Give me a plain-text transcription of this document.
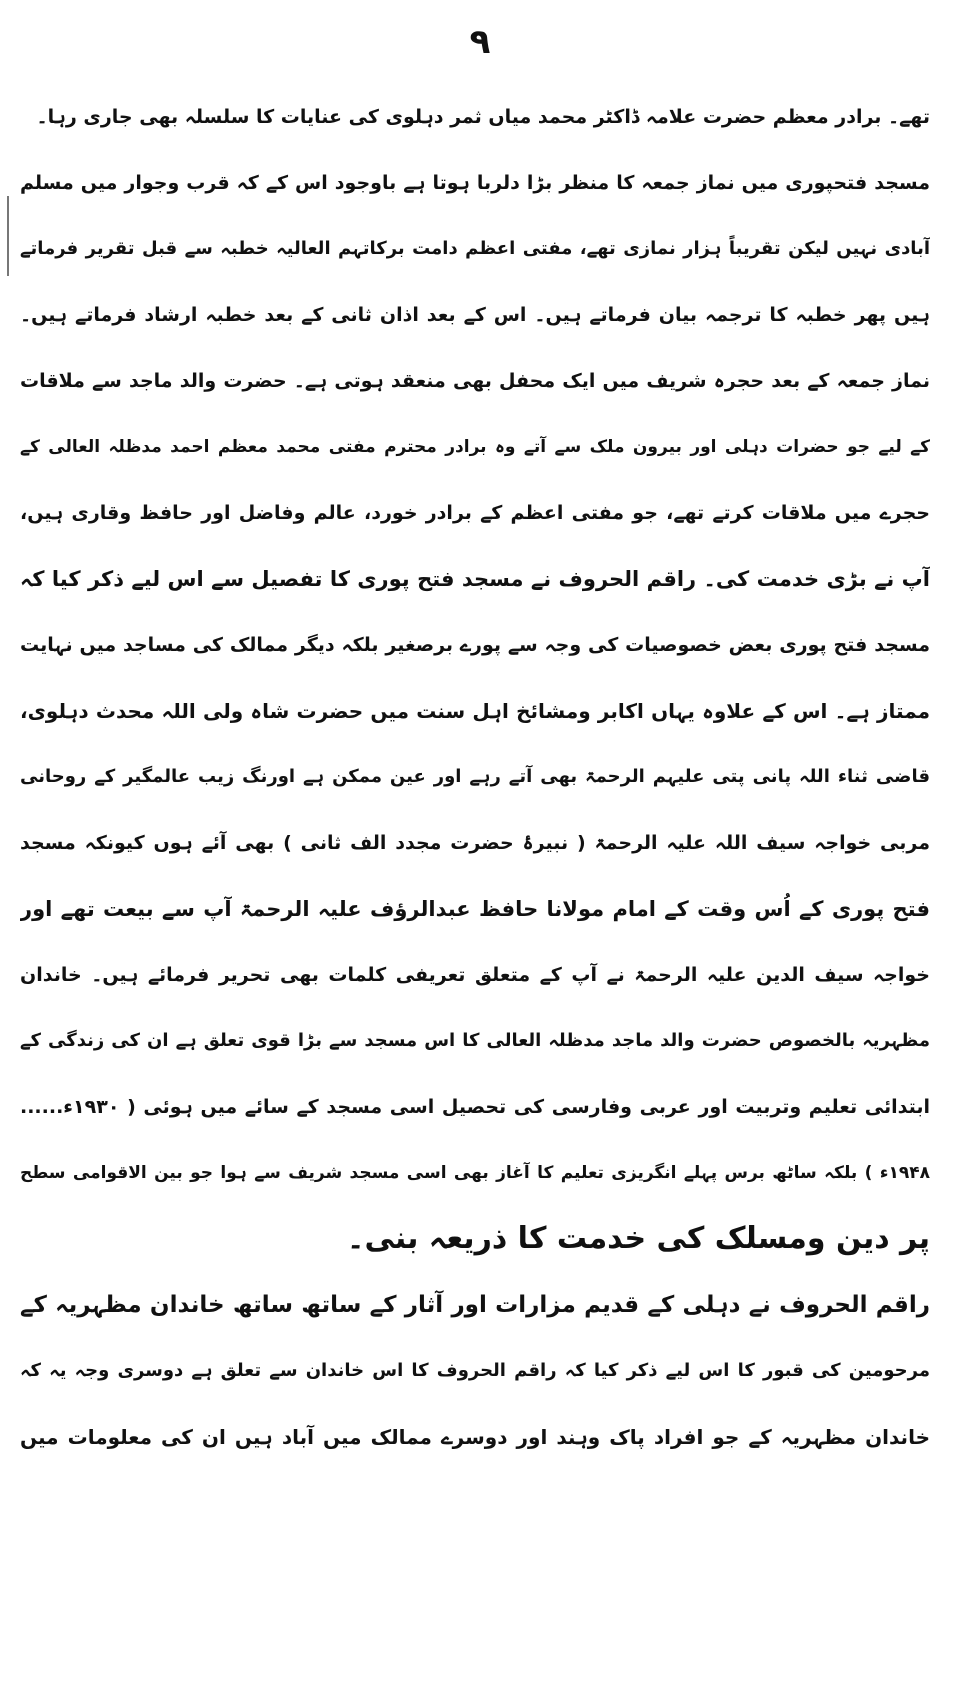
۹
تھے۔ برادر معظم حضرت علامہ ڈاکٹر محمد میاں ثمر دہلوی کی عنایات کا سلسلہ بھی جاری رہا۔
مسجد فتحپوری میں نماز جمعہ کا منظر بڑا دلربا ہوتا ہے باوجود اس کے کہ قرب وجوار میں مسلم
آبادی نہیں لیکن تقریباً ہزار نمازی تھے، مفتی اعظم دامت برکاتہم العالیہ خطبہ سے قبل تقریر فرماتے
ہیں پھر خطبہ کا ترجمہ بیان فرماتے ہیں۔ اس کے بعد اذان ثانی کے بعد خطبہ ارشاد فرماتے ہیں۔
نماز جمعہ کے بعد حجرہ شریف میں ایک محفل بھی منعقد ہوتی ہے۔ حضرت والد ماجد سے ملاقات
کے لیے جو حضرات دہلی اور بیرون ملک سے آتے وہ برادر محترم مفتی محمد معظم احمد مدظلہ العالی کے
حجرے میں ملاقات کرتے تھے، جو مفتی اعظم کے برادر خورد، عالم وفاضل اور حافظ وقاری ہیں،
آپ نے بڑی خدمت کی۔ راقم الحروف نے مسجد فتح پوری کا تفصیل سے اس لیے ذکر کیا کہ
مسجد فتح پوری بعض خصوصیات کی وجہ سے پورے برصغیر بلکہ دیگر ممالک کی مساجد میں نہایت
ممتاز ہے۔ اس کے علاوہ یہاں اکابر ومشائخ اہل سنت میں حضرت شاہ ولی اللہ محدث دہلوی،
قاضی ثناء اللہ پانی پتی علیہم الرحمۃ بھی آتے رہے اور عین ممکن ہے اورنگ زیب عالمگیر کے روحانی
مربی خواجہ سیف اللہ علیہ الرحمۃ ( نبیرۂ حضرت مجدد الف ثانی ) بھی آئے ہوں کیونکہ مسجد
فتح پوری کے اُس وقت کے امام مولانا حافظ عبدالرؤف علیہ الرحمۃ آپ سے بیعت تھے اور
خواجہ سیف الدین علیہ الرحمۃ نے آپ کے متعلق تعریفی کلمات بھی تحریر فرمائے ہیں۔ خاندان
مظہریہ بالخصوص حضرت والد ماجد مدظلہ العالی کا اس مسجد سے بڑا قوی تعلق ہے ان کی زندگی کے
ابتدائی تعلیم وتربیت اور عربی وفارسی کی تحصیل اسی مسجد کے سائے میں ہوئی ( ۱۹۳۰ء......
۱۹۴۸ء ) بلکہ ساٹھ برس پہلے انگریزی تعلیم کا آغاز بھی اسی مسجد شریف سے ہوا جو بین الاقوامی سطح
پر دین ومسلک کی خدمت کا ذریعہ بنی۔
راقم الحروف نے دہلی کے قدیم مزارات اور آثار کے ساتھ ساتھ خاندان مظہریہ کے
مرحومین کی قبور کا اس لیے ذکر کیا کہ راقم الحروف کا اس خاندان سے تعلق ہے دوسری وجہ یہ کہ
خاندان مظہریہ کے جو افراد پاک وہند اور دوسرے ممالک میں آباد ہیں ان کی معلومات میں
